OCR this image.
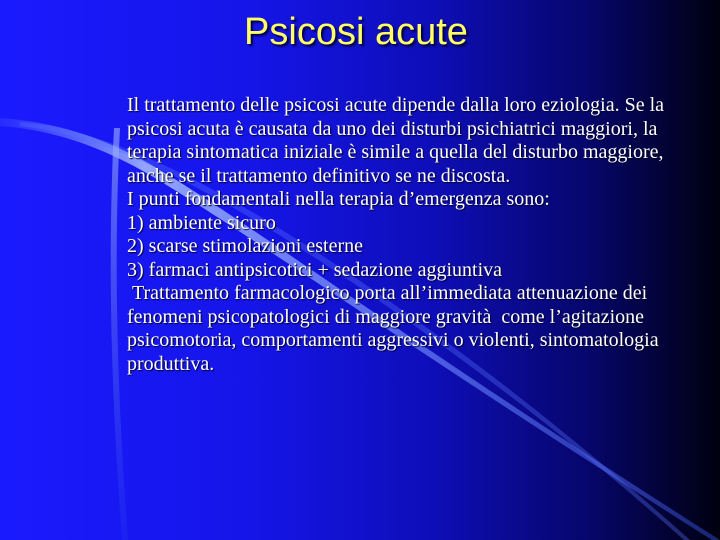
Psicosi acute
Il trattamento delle psicosi acute dipende dalla loro eziologia. Se la psicosi acuta è causata da uno dei disturbi psichiatrici maggiori, la terapia sintomatica iniziale è simile a quella del disturbo maggiore, anche se il trattamento definitivo se ne discosta.
I punti fondamentali nella terapia d’emergenza sono:
1) ambiente sicuro
2) scarse stimolazioni esterne
3) farmaci antipsicotici + sedazione aggiuntiva
Trattamento farmacologico porta all’immediata attenuazione dei fenomeni psicopatologici di maggiore gravità  come l’agitazione psicomotoria, comportamenti aggressivi o violenti, sintomatologia produttiva.
